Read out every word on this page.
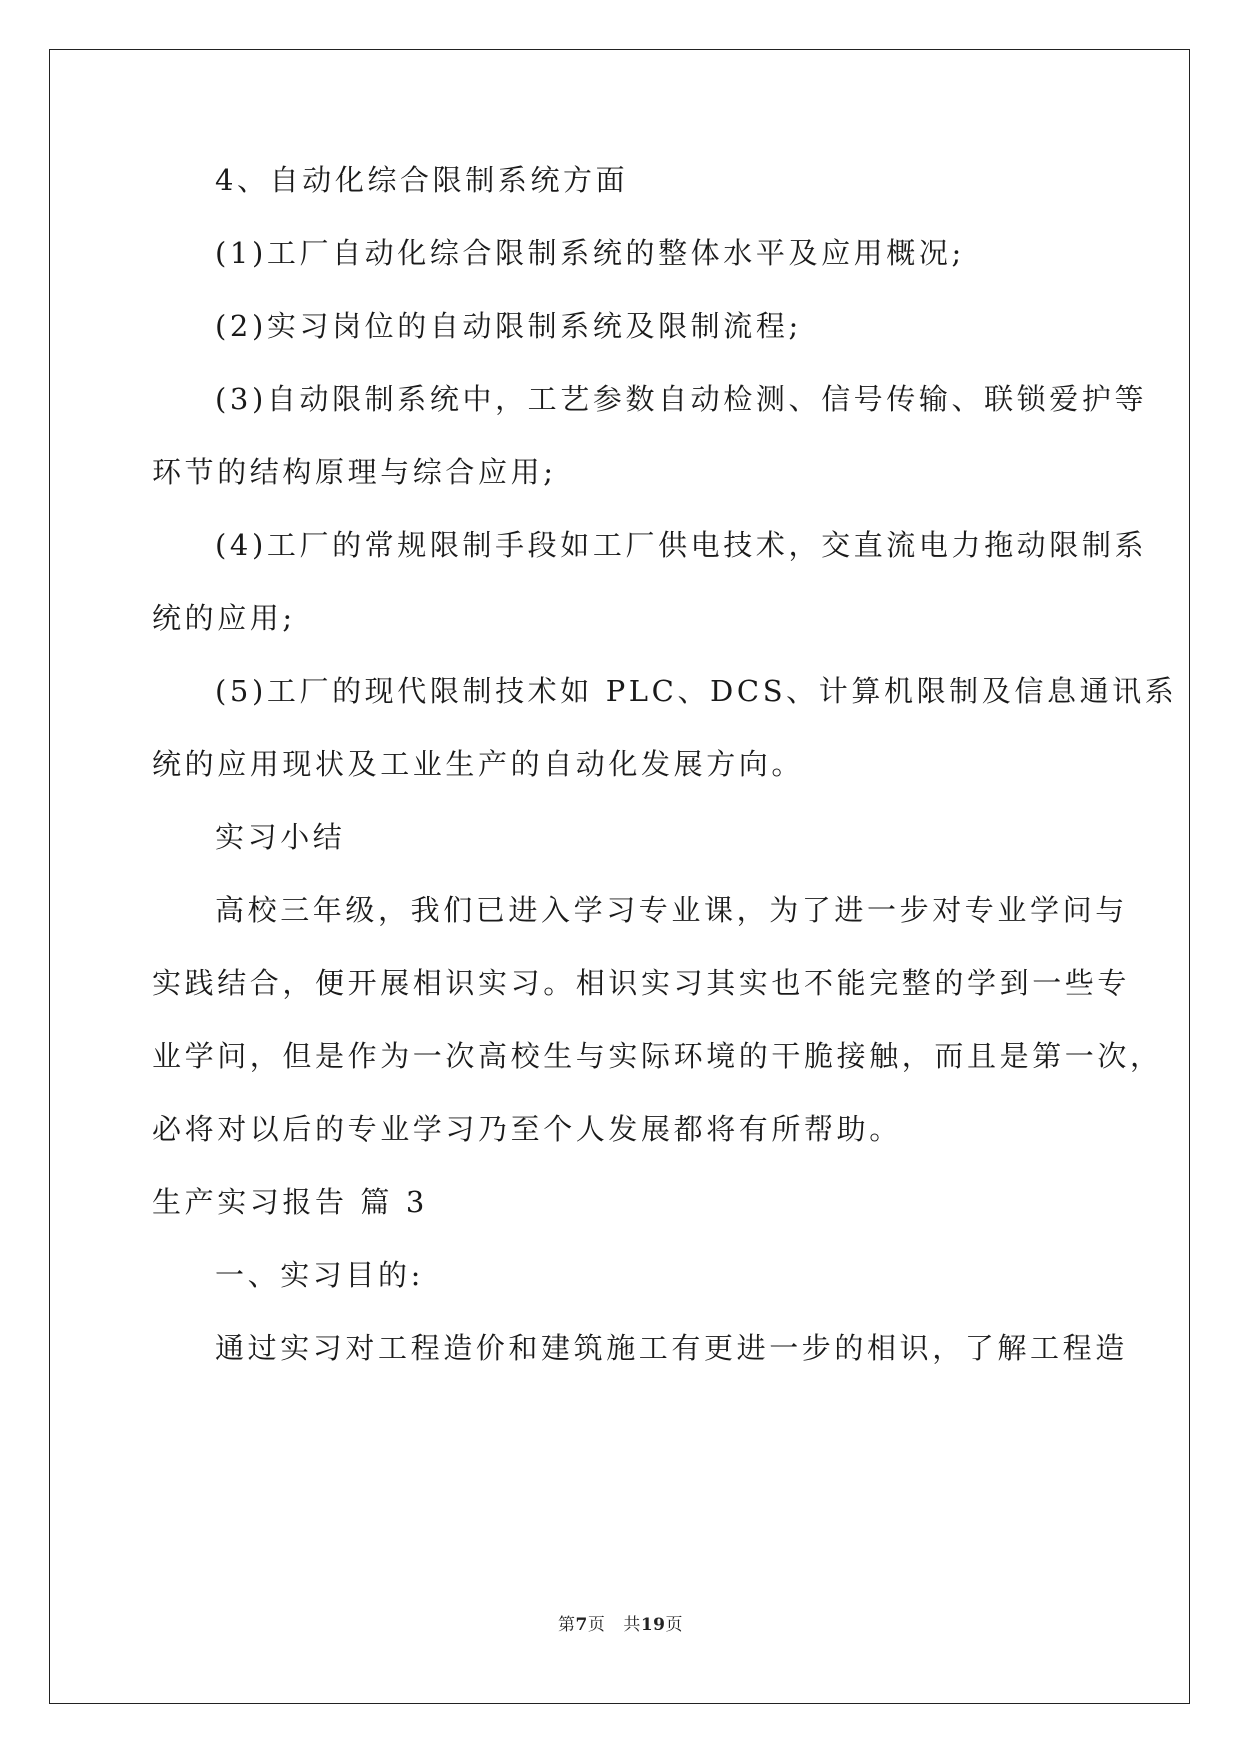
4、自动化综合限制系统方面
(1)工厂自动化综合限制系统的整体水平及应用概况;
(2)实习岗位的自动限制系统及限制流程;
(3)自动限制系统中，工艺参数自动检测、信号传输、联锁爱护等
环节的结构原理与综合应用;
(4)工厂的常规限制手段如工厂供电技术，交直流电力拖动限制系
统的应用;
(5)工厂的现代限制技术如 PLC、DCS、计算机限制及信息通讯系
统的应用现状及工业生产的自动化发展方向。
实习小结
高校三年级，我们已进入学习专业课，为了进一步对专业学问与
实践结合，便开展相识实习。相识实习其实也不能完整的学到一些专
业学问，但是作为一次高校生与实际环境的干脆接触，而且是第一次，
必将对以后的专业学习乃至个人发展都将有所帮助。
生产实习报告 篇 3
一、实习目的:
通过实习对工程造价和建筑施工有更进一步的相识，了解工程造
第7页 共19页
